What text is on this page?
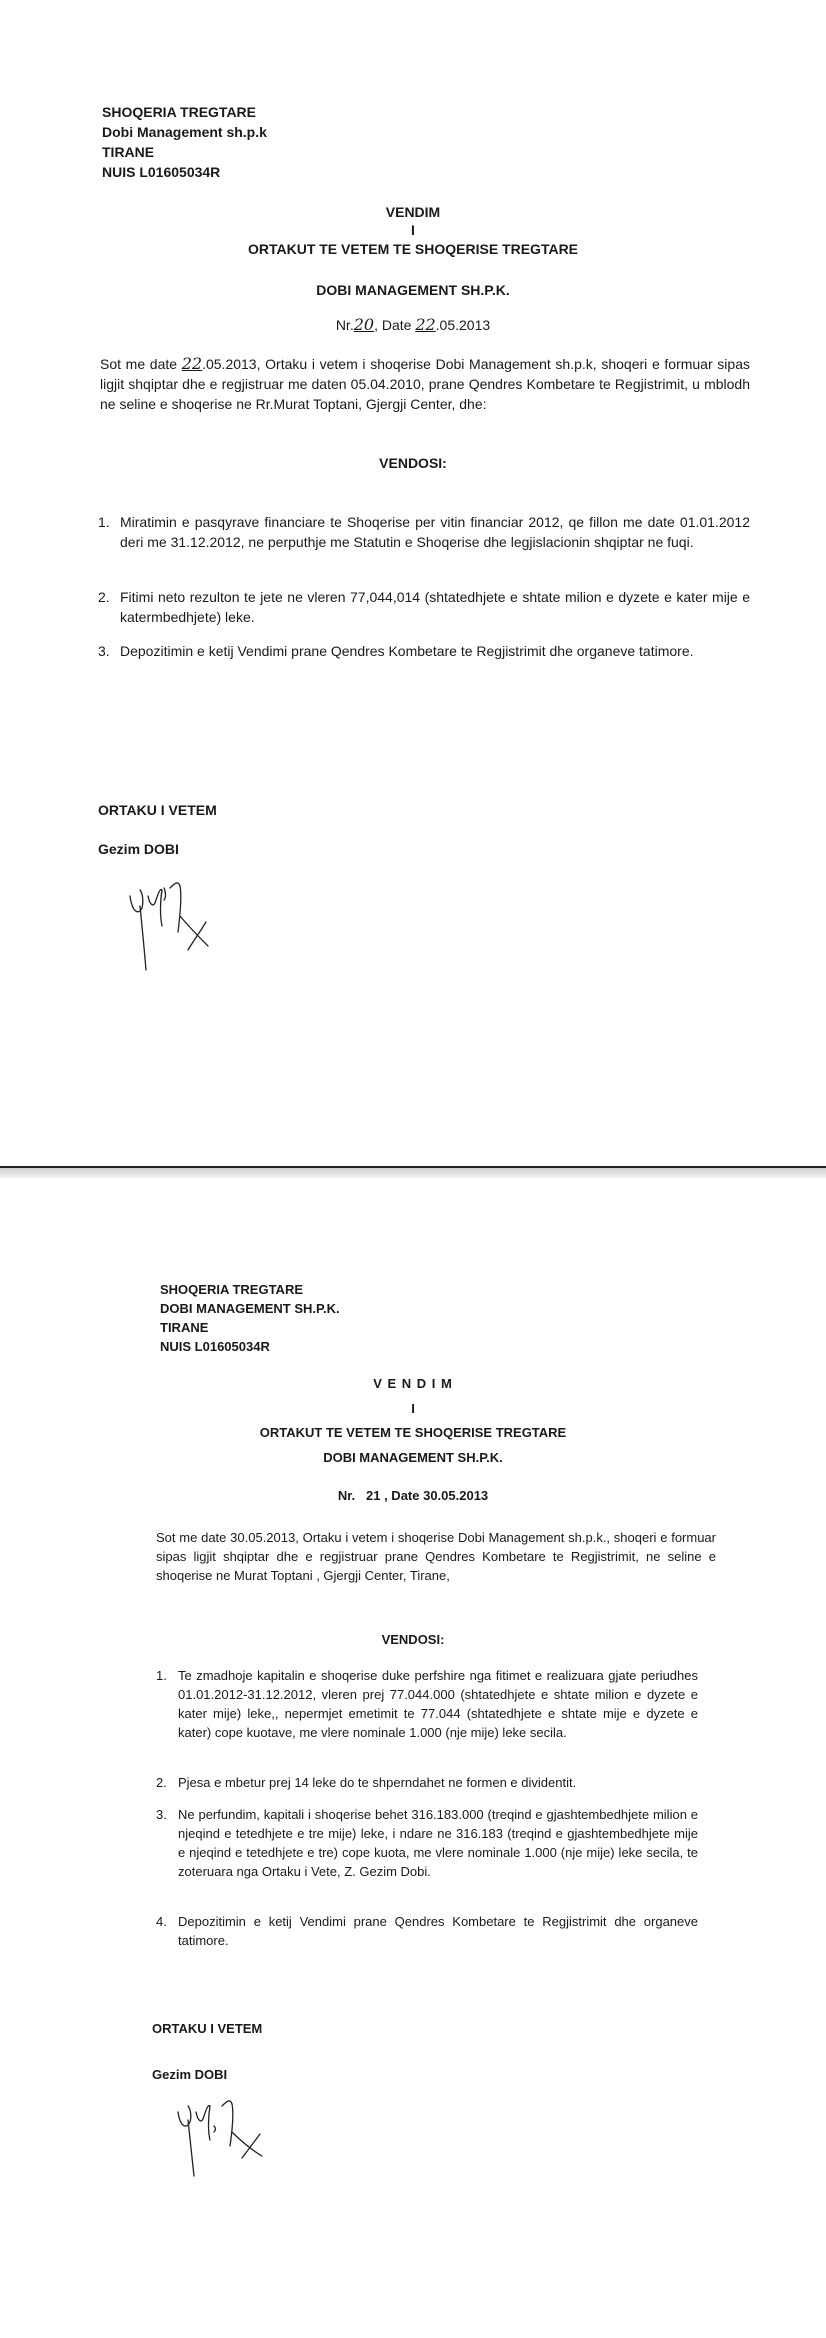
SHOQERIA TREGTARE
Dobi Management sh.p.k
TIRANE
NUIS L01605034R
VENDIM
I
ORTAKUT TE VETEM TE SHOQERISE TREGTARE
DOBI MANAGEMENT SH.P.K.
Nr.20, Date 22.05.2013
Sot me date 22.05.2013, Ortaku i vetem i shoqerise Dobi Management sh.p.k, shoqeri e formuar sipas ligjit shqiptar dhe e regjistruar me daten 05.04.2010, prane Qendres Kombetare te Regjistrimit, u mblodh ne seline e shoqerise ne Rr.Murat Toptani, Gjergji Center, dhe:
VENDOSI:
1. Miratimin e pasqyrave financiare te Shoqerise per vitin financiar 2012, qe fillon me date 01.01.2012 deri me 31.12.2012, ne perputhje me Statutin e Shoqerise dhe legjislacionin shqiptar ne fuqi.
2. Fitimi neto rezulton te jete ne vleren 77,044,014 (shtatedhjete e shtate milion e dyzete e kater mije e katermbedhjete) leke.
3. Depozitimin e ketij Vendimi prane Qendres Kombetare te Regjistrimit dhe organeve tatimore.
ORTAKU I VETEM
Gezim DOBI
SHOQERIA TREGTARE
DOBI MANAGEMENT SH.P.K.
TIRANE
NUIS L01605034R
V E N D I M
I
ORTAKUT TE VETEM TE SHOQERISE TREGTARE
DOBI MANAGEMENT SH.P.K.
Nr.   21 , Date 30.05.2013
Sot me date 30.05.2013, Ortaku i vetem i shoqerise Dobi Management sh.p.k., shoqeri e formuar sipas ligjit shqiptar dhe e regjistruar prane Qendres Kombetare te Regjistrimit, ne seline e shoqerise ne Murat Toptani , Gjergji Center, Tirane,
VENDOSI:
1. Te zmadhoje kapitalin e shoqerise duke perfshire nga fitimet e realizuara gjate periudhes 01.01.2012-31.12.2012, vleren prej 77.044.000 (shtatedhjete e shtate milion e dyzete e kater mije) leke,, nepermjet emetimit te 77.044 (shtatedhjete e shtate mije e dyzete e kater) cope kuotave, me vlere nominale 1.000 (nje mije) leke secila.
2. Pjesa e mbetur prej 14 leke do te shperndahet ne formen e dividentit.
3. Ne perfundim, kapitali i shoqerise behet 316.183.000 (treqind e gjashtembedhjete milion e njeqind e tetedhjete e tre mije) leke, i ndare ne 316.183 (treqind e gjashtembedhjete mije e njeqind e tetedhjete e tre) cope kuota, me vlere nominale 1.000 (nje mije) leke secila, te zoteruara nga Ortaku i Vete, Z. Gezim Dobi.
4. Depozitimin e ketij Vendimi prane Qendres Kombetare te Regjistrimit dhe organeve tatimore.
ORTAKU I VETEM
Gezim DOBI
